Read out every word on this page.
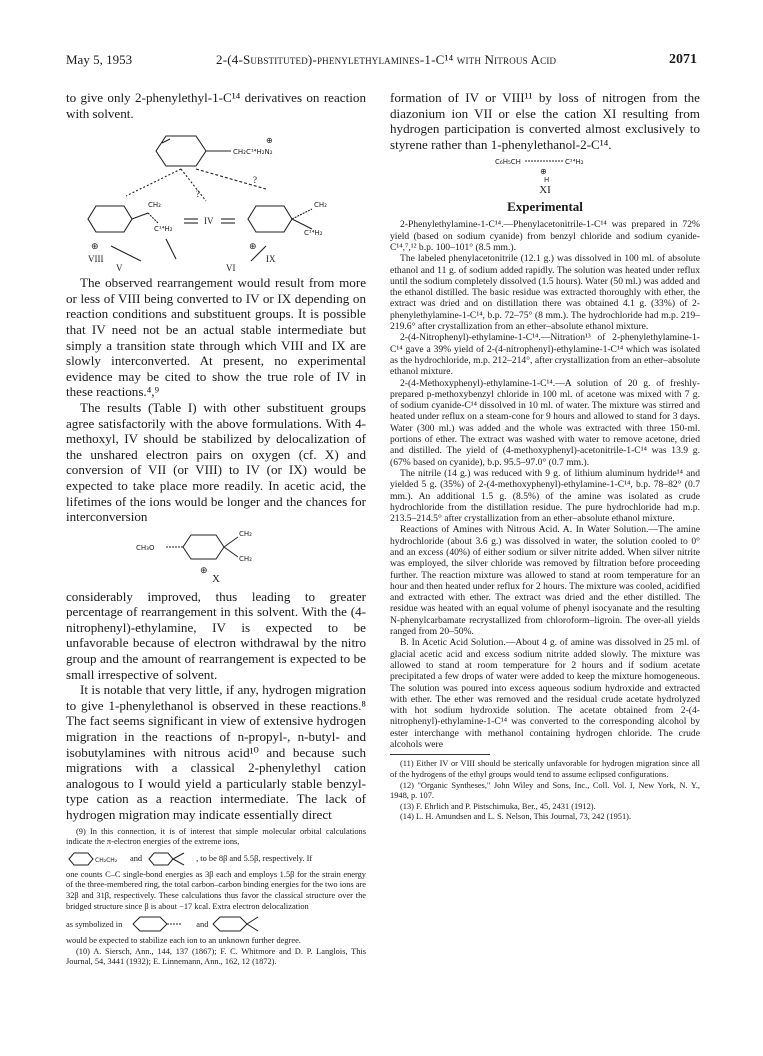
May 5, 1953	2-(4-Substituted)-phenylethylamines-1-C¹⁴ with Nitrous Acid	2071

to give only 2-phenylethyl-1-C¹⁴ derivatives on reaction with solvent.

CH₂C¹⁴H₂N₂
⊕
CH₂
C¹⁴H₂
CH₂
C¹⁴H₂
⊕	⊕
IV
?
?
VIII	IX
V	VI

The observed rearrangement would result from more or less of VIII being converted to IV or IX depending on reaction conditions and substituent groups. It is possible that IV need not be an actual stable intermediate but simply a transition state through which VIII and IX are slowly interconverted. At present, no experimental evidence may be cited to show the true role of IV in these reactions.⁴,⁹

The results (Table I) with other substituent groups agree satisfactorily with the above formulations. With 4-methoxyl, IV should be stabilized by delocalization of the unshared electron pairs on oxygen (cf. X) and conversion of VII (or VIII) to IV (or IX) would be expected to take place more readily. In acetic acid, the lifetimes of the ions would be longer and the chances for interconversion

CH₃O
CH₂
CH₂
⊕
X

considerably improved, thus leading to greater percentage of rearrangement in this solvent. With the (4-nitrophenyl)-ethylamine, IV is expected to be unfavorable because of electron withdrawal by the nitro group and the amount of rearrangement is expected to be small irrespective of solvent.

It is notable that very little, if any, hydrogen migration to give 1-phenylethanol is observed in these reactions.⁸ The fact seems significant in view of extensive hydrogen migration in the reactions of n-propyl-, n-butyl- and isobutylamines with nitrous acid¹⁰ and because such migrations with a classical 2-phenylethyl cation analogous to I would yield a particularly stable benzyl-type cation as a reaction intermediate. The lack of hydrogen migration may indicate essentially direct

(9) In this connection, it is of interest that simple molecular orbital calculations indicate the π-electron energies of the extreme ions,

CH₂CH₂ and	, to be 8β and 5.5β, respectively. If

one counts C–C single-bond energies as 3β each and employs 1.5β for the strain energy of the three-membered ring, the total carbon–carbon binding energies for the two ions are 32β and 31β, respectively. These calculations thus favor the classical structure over the bridged structure since β is about −17 kcal. Extra electron delocalization

as symbolized in	and

would be expected to stabilize each ion to an unknown further degree.

(10) A. Siersch, Ann., 144, 137 (1867); F. C. Whitmore and D. P. Langlois, This Journal, 54, 3441 (1932); E. Linnemann, Ann., 162, 12 (1872).

formation of IV or VIII¹¹ by loss of nitrogen from the diazonium ion VII or else the cation XI resulting from hydrogen participation is converted almost exclusively to styrene rather than 1-phenylethanol-2-C¹⁴.

C₆H₅CH	C¹⁴H₂
⊕
H
XI
Experimental

2-Phenylethylamine-1-C¹⁴.—Phenylacetonitrile-1-C¹⁴ was prepared in 72% yield (based on sodium cyanide) from benzyl chloride and sodium cyanide-C¹⁴,⁷,¹² b.p. 100–101° (8.5 mm.).

The labeled phenylacetonitrile (12.1 g.) was dissolved in 100 ml. of absolute ethanol and 11 g. of sodium added rapidly. The solution was heated under reflux until the sodium completely dissolved (1.5 hours). Water (50 ml.) was added and the ethanol distilled. The basic residue was extracted thoroughly with ether, the extract was dried and on distillation there was obtained 4.1 g. (33%) of 2-phenylethylamine-1-C¹⁴, b.p. 72–75° (8 mm.). The hydrochloride had m.p. 219–219.6° after crystallization from an ether–absolute ethanol mixture.

2-(4-Nitrophenyl)-ethylamine-1-C¹⁴.—Nitration¹³ of 2-phenylethylamine-1-C¹⁴ gave a 39% yield of 2-(4-nitrophenyl)-ethylamine-1-C¹⁴ which was isolated as the hydrochloride, m.p. 212–214°, after crystallization from an ether–absolute ethanol mixture.

2-(4-Methoxyphenyl)-ethylamine-1-C¹⁴.—A solution of 20 g. of freshly-prepared p-methoxybenzyl chloride in 100 ml. of acetone was mixed with 7 g. of sodium cyanide-C¹⁴ dissolved in 10 ml. of water. The mixture was stirred and heated under reflux on a steam-cone for 9 hours and allowed to stand for 3 days. Water (300 ml.) was added and the whole was extracted with three 150-ml. portions of ether. The extract was washed with water to remove acetone, dried and distilled. The yield of (4-methoxyphenyl)-acetonitrile-1-C¹⁴ was 13.9 g. (67% based on cyanide), b.p. 95.5–97.0° (0.7 mm.).

The nitrile (14 g.) was reduced with 9 g. of lithium aluminum hydride¹⁴ and yielded 5 g. (35%) of 2-(4-methoxyphenyl)-ethylamine-1-C¹⁴, b.p. 78–82° (0.7 mm.). An additional 1.5 g. (8.5%) of the amine was isolated as crude hydrochloride from the distillation residue. The pure hydrochloride had m.p. 213.5–214.5° after crystallization from an ether–absolute ethanol mixture.

Reactions of Amines with Nitrous Acid. A. In Water Solution.—The amine hydrochloride (about 3.6 g.) was dissolved in water, the solution cooled to 0° and an excess (40%) of either sodium or silver nitrite added. When silver nitrite was employed, the silver chloride was removed by filtration before proceeding further. The reaction mixture was allowed to stand at room temperature for an hour and then heated under reflux for 2 hours. The mixture was cooled, acidified and extracted with ether. The extract was dried and the ether distilled. The residue was heated with an equal volume of phenyl isocyanate and the resulting N-phenylcarbamate recrystallized from chloroform–ligroin. The over-all yields ranged from 20–50%.

B. In Acetic Acid Solution.—About 4 g. of amine was dissolved in 25 ml. of glacial acetic acid and excess sodium nitrite added slowly. The mixture was allowed to stand at room temperature for 2 hours and if sodium acetate precipitated a few drops of water were added to keep the mixture homogeneous. The solution was poured into excess aqueous sodium hydroxide and extracted with ether. The ether was removed and the residual crude acetate hydrolyzed with hot sodium hydroxide solution. The acetate obtained from 2-(4-nitrophenyl)-ethylamine-1-C¹⁴ was converted to the corresponding alcohol by ester interchange with methanol containing hydrogen chloride. The crude alcohols were

(11) Either IV or VIII should be sterically unfavorable for hydrogen migration since all of the hydrogens of the ethyl groups would tend to assume eclipsed configurations.

(12) "Organic Syntheses," John Wiley and Sons, Inc., Coll. Vol. I, New York, N. Y., 1948, p. 107.

(13) F. Ehrlich and P. Pistschimuka, Ber., 45, 2431 (1912).

(14) L. H. Amundsen and L. S. Nelson, This Journal, 73, 242 (1951).
